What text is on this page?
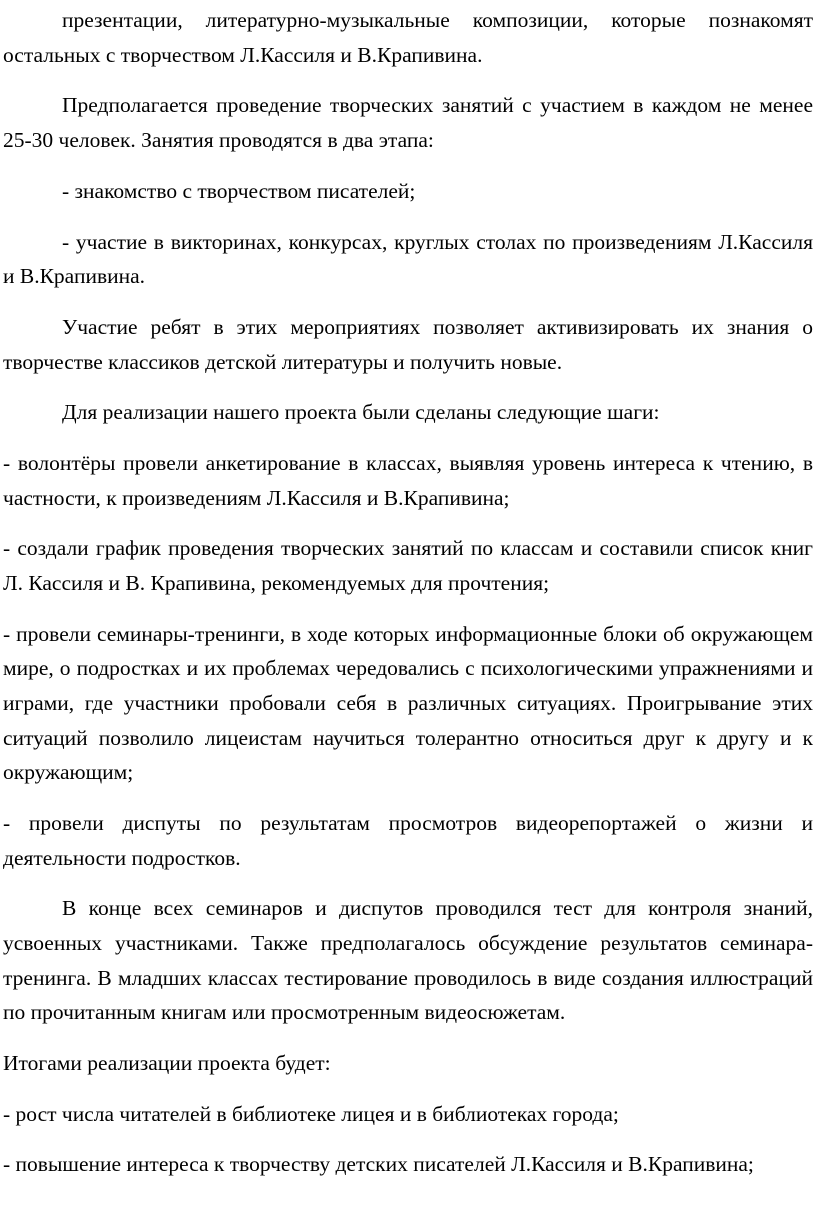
презентации, литературно-музыкальные композиции, которые познакомят остальных с творчеством Л.Кассиля и В.Крапивина.

Предполагается проведение творческих занятий с участием в каждом не менее 25-30 человек. Занятия проводятся в два этапа:

- знакомство с творчеством писателей;

- участие в викторинах, конкурсах, круглых столах по произведениям Л.Кассиля и В.Крапивина.

Участие ребят в этих мероприятиях позволяет активизировать их знания о творчестве классиков детской литературы и получить новые.

Для реализации нашего проекта были сделаны следующие шаги:

- волонтёры провели анкетирование в классах, выявляя уровень интереса к чтению, в частности, к произведениям Л.Кассиля и В.Крапивина;

- создали график проведения творческих занятий по классам и составили список книг Л. Кассиля и В. Крапивина, рекомендуемых для прочтения;

- провели семинары-тренинги, в ходе которых информационные блоки об окружающем мире, о подростках и их проблемах чередовались с психологическими упражнениями и играми, где участники пробовали себя в различных ситуациях. Проигрывание этих ситуаций позволило лицеистам научиться толерантно относиться друг к другу и к окружающим;

- провели диспуты по результатам просмотров видеорепортажей о жизни и деятельности подростков.

В конце всех семинаров и диспутов проводился тест для контроля знаний, усвоенных участниками. Также предполагалось обсуждение результатов семинара-тренинга. В младших классах тестирование проводилось в виде создания иллюстраций по прочитанным книгам или просмотренным видеосюжетам.

Итогами реализации проекта будет:

- рост числа читателей в библиотеке лицея и в библиотеках города;

- повышение интереса к творчеству детских писателей Л.Кассиля и В.Крапивина;
